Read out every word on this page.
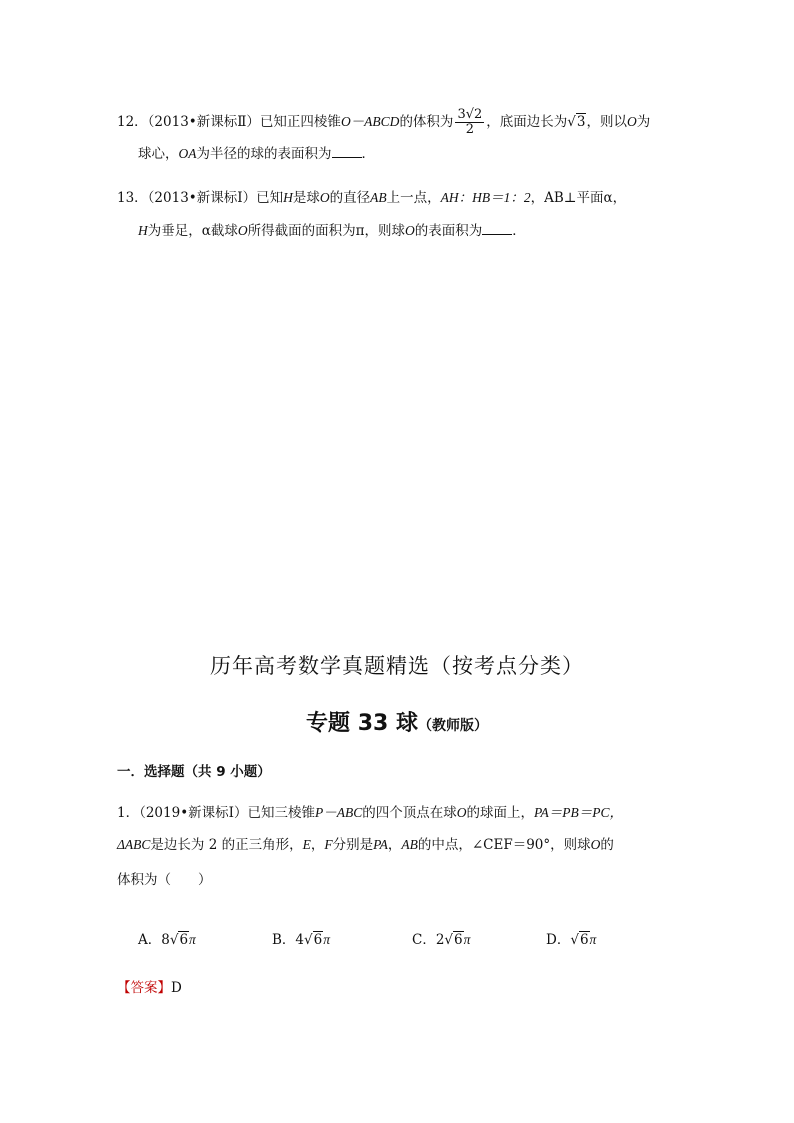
12．（2013•新课标Ⅱ）已知正四棱锥O－ABCD的体积为 $\frac{3√2}{2}$ ，底面边长为√3，则以O为
球心，OA为半径的球的表面积为 ．
13．（2013•新课标Ⅰ）已知H是球O的直径AB上一点，AH：HB＝1：2，AB⊥平面α，
H为垂足，α截球O所得截面的面积为π，则球O的表面积为 ．
历年高考数学真题精选（按考点分类）
专题 33 球（教师版）
一．选择题（共 9 小题）
1．（2019•新课标Ⅰ）已知三棱锥P－ABC的四个顶点在球O的球面上，PA＝PB＝PC，
ΔABC是边长为 2 的正三角形，E，F分别是PA，AB的中点，∠CEF＝90°，则球O的
体积为（　　）
A．8√6π	B．4√6π	C．2√6π	D．√6π
【答案】D
